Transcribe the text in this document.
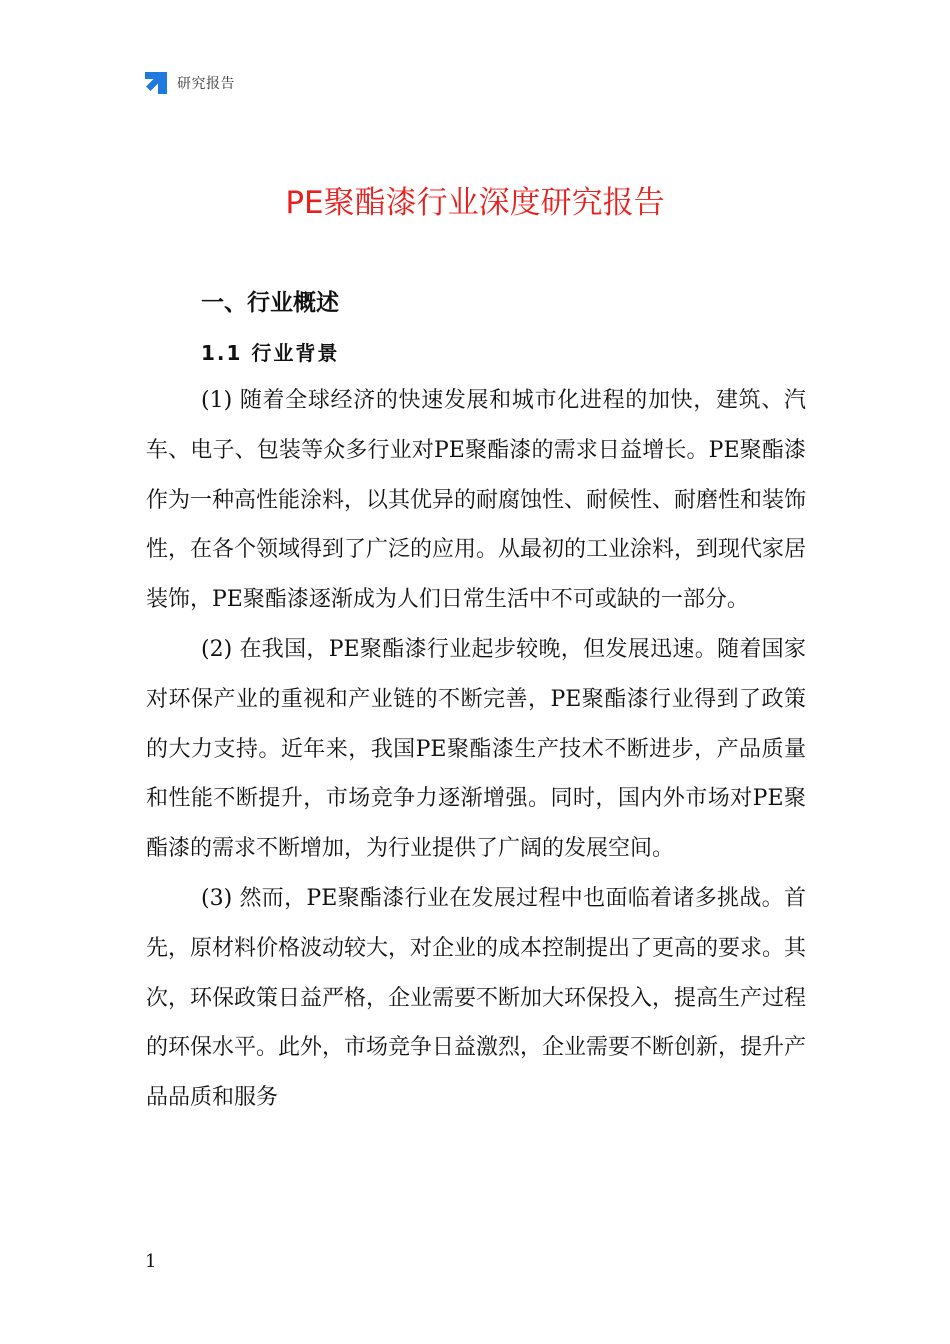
研究报告
PE聚酯漆行业深度研究报告
一、行业概述
1.1 行业背景

(1) 随着全球经济的快速发展和城市化进程的加快，建筑、汽车、电子、包装等众多行业对PE聚酯漆的需求日益增长。PE聚酯漆作为一种高性能涂料，以其优异的耐腐蚀性、耐候性、耐磨性和装饰性，在各个领域得到了广泛的应用。从最初的工业涂料，到现代家居装饰，PE聚酯漆逐渐成为人们日常生活中不可或缺的一部分。

(2) 在我国，PE聚酯漆行业起步较晚，但发展迅速。随着国家对环保产业的重视和产业链的不断完善，PE聚酯漆行业得到了政策的大力支持。近年来，我国PE聚酯漆生产技术不断进步，产品质量和性能不断提升，市场竞争力逐渐增强。同时，国内外市场对PE聚酯漆的需求不断增加，为行业提供了广阔的发展空间。

(3) 然而，PE聚酯漆行业在发展过程中也面临着诸多挑战。首先，原材料价格波动较大，对企业的成本控制提出了更高的要求。其次，环保政策日益严格，企业需要不断加大环保投入，提高生产过程的环保水平。此外，市场竞争日益激烈，企业需要不断创新，提升产品品质和服务

1
